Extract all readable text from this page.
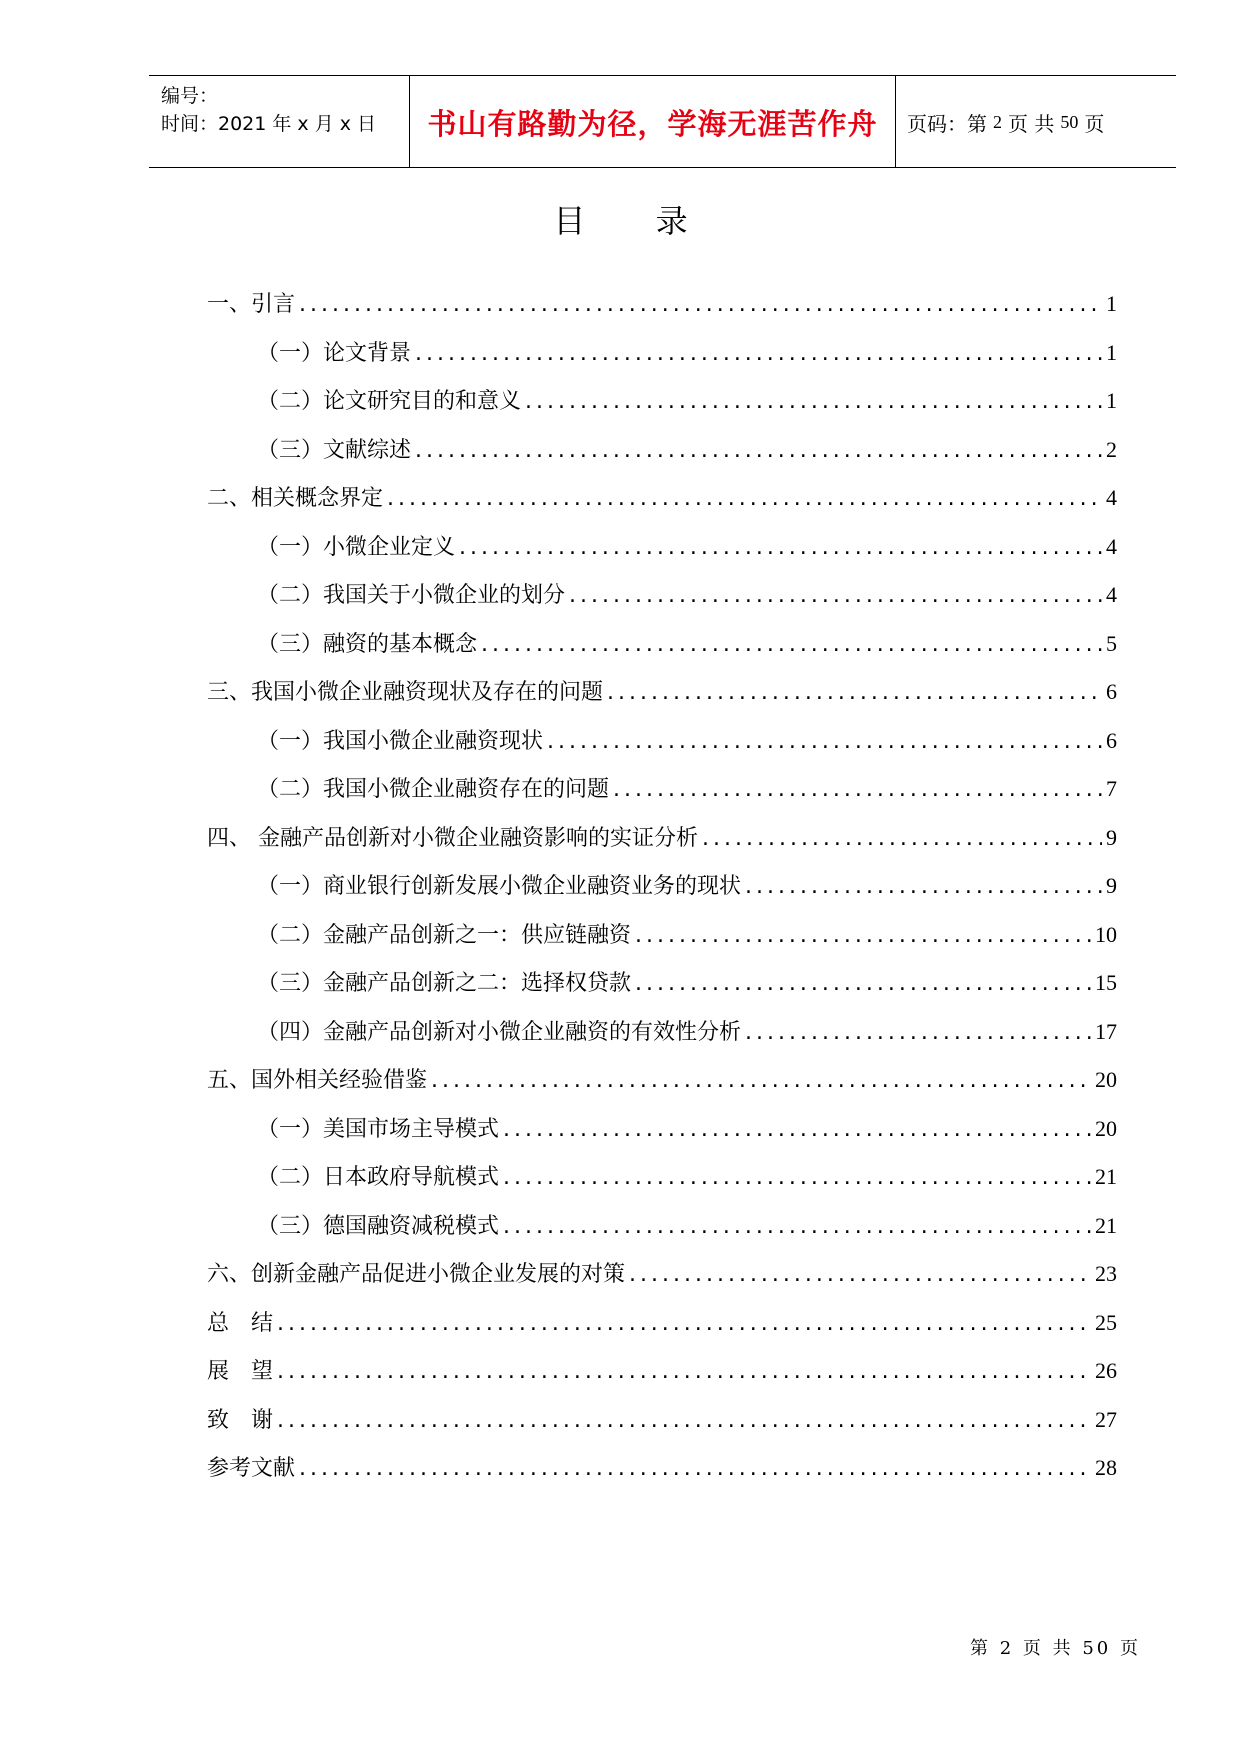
编号：
时间：2021 年 x 月 x 日	书山有路勤为径，学海无涯苦作舟	页码：第 2 页 共 50 页
目 录
一、引言 .....	1
（一）论文背景 .....	1
（二）论文研究目的和意义 .....	1
（三）文献综述 .....	2
二、相关概念界定 .....	4
（一）小微企业定义 .....	4
（二）我国关于小微企业的划分 .....	4
（三）融资的基本概念 .....	5
三、我国小微企业融资现状及存在的问题 .....	6
（一）我国小微企业融资现状 .....	6
（二）我国小微企业融资存在的问题 .....	7
四、 金融产品创新对小微企业融资影响的实证分析 .....	9
（一）商业银行创新发展小微企业融资业务的现状 .....	9
（二）金融产品创新之一：供应链融资 .....	10
（三）金融产品创新之二：选择权贷款 .....	15
（四）金融产品创新对小微企业融资的有效性分析 .....	17
五、国外相关经验借鉴 .....	20
（一）美国市场主导模式 .....	20
（二）日本政府导航模式 .....	21
（三）德国融资减税模式 .....	21
六、创新金融产品促进小微企业发展的对策 .....	23
总　结 .....	25
展　望 .....	26
致　谢 .....	27
参考文献 .....	28
第 2 页 共 50 页
